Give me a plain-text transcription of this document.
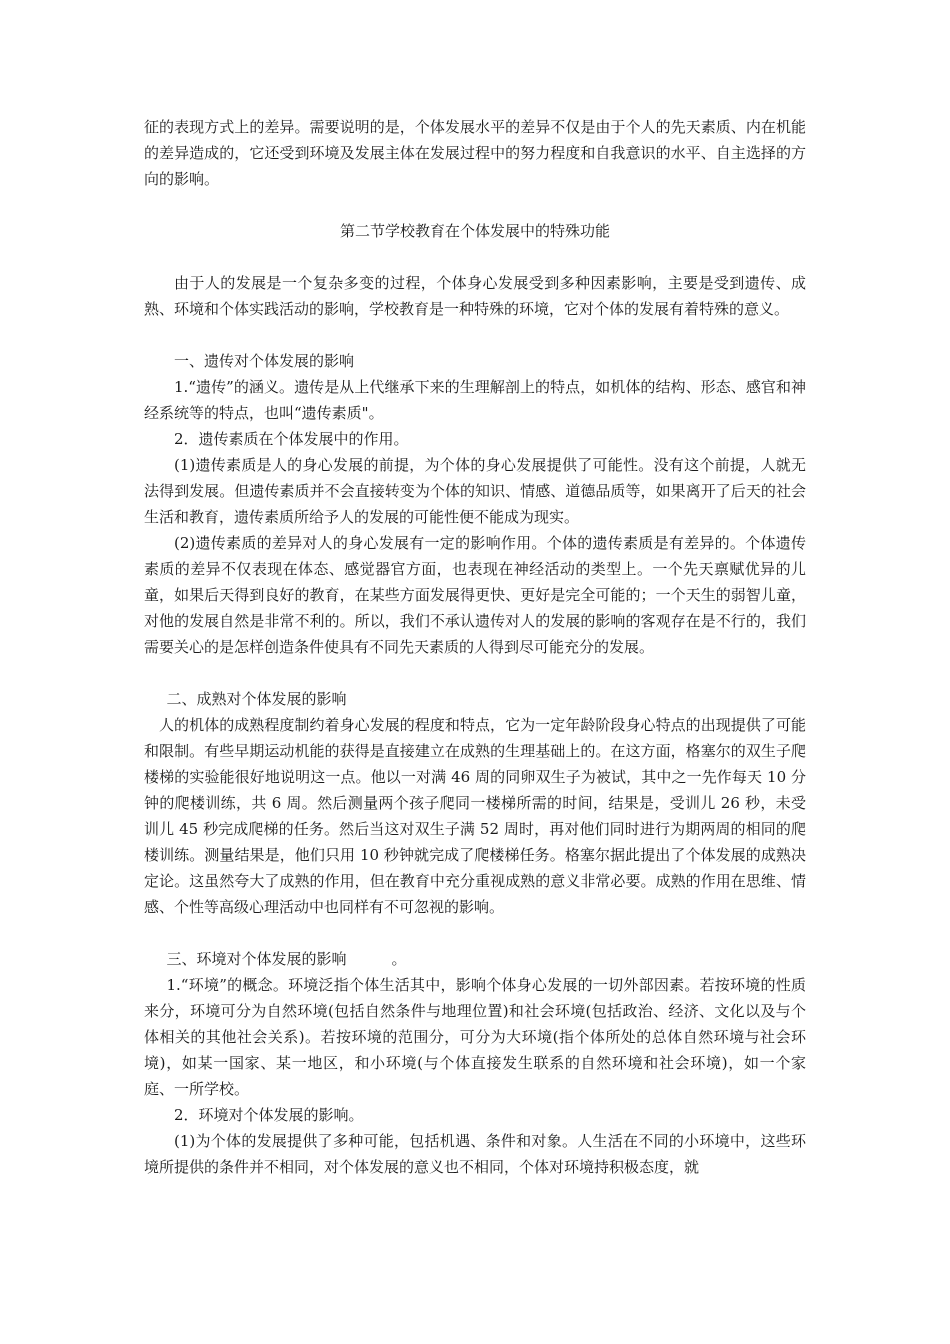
征的表现方式上的差异。需要说明的是，个体发展水平的差异不仅是由于个人的先天素质、内在机能的差异造成的，它还受到环境及发展主体在发展过程中的努力程度和自我意识的水平、自主选择的方向的影响。

第二节学校教育在个体发展中的特殊功能

由于人的发展是一个复杂多变的过程，个体身心发展受到多种因素影响，主要是受到遗传、成熟、环境和个体实践活动的影响，学校教育是一种特殊的环境，它对个体的发展有着特殊的意义。

一、遗传对个体发展的影响

1.“遗传”的涵义。遗传是从上代继承下来的生理解剖上的特点，如机体的结构、形态、感官和神经系统等的特点，也叫“遗传素质"。

2．遗传素质在个体发展中的作用。

(1)遗传素质是人的身心发展的前提，为个体的身心发展提供了可能性。没有这个前提，人就无法得到发展。但遗传素质并不会直接转变为个体的知识、情感、道德品质等，如果离开了后天的社会生活和教育，遗传素质所给予人的发展的可能性便不能成为现实。

(2)遗传素质的差异对人的身心发展有一定的影响作用。个体的遗传素质是有差异的。个体遗传素质的差异不仅表现在体态、感觉器官方面，也表现在神经活动的类型上。一个先天禀赋优异的儿童，如果后天得到良好的教育，在某些方面发展得更快、更好是完全可能的；一个天生的弱智儿童，对他的发展自然是非常不利的。所以，我们不承认遗传对人的发展的影响的客观存在是不行的，我们需要关心的是怎样创造条件使具有不同先天素质的人得到尽可能充分的发展。

二、成熟对个体发展的影响

人的机体的成熟程度制约着身心发展的程度和特点，它为一定年龄阶段身心特点的出现提供了可能和限制。有些早期运动机能的获得是直接建立在成熟的生理基础上的。在这方面，格塞尔的双生子爬楼梯的实验能很好地说明这一点。他以一对满 46 周的同卵双生子为被试，其中之一先作每天 10 分钟的爬楼训练，共 6 周。然后测量两个孩子爬同一楼梯所需的时间，结果是，受训儿 26 秒，未受训儿 45 秒完成爬梯的任务。然后当这对双生子满 52 周时，再对他们同时进行为期两周的相同的爬楼训练。测量结果是，他们只用 10 秒钟就完成了爬楼梯任务。格塞尔据此提出了个体发展的成熟决定论。这虽然夸大了成熟的作用，但在教育中充分重视成熟的意义非常必要。成熟的作用在思维、情感、个性等高级心理活动中也同样有不可忽视的影响。

三、环境对个体发展的影响　　　。

1.“环境”的概念。环境泛指个体生活其中，影响个体身心发展的一切外部因素。若按环境的性质来分，环境可分为自然环境(包括自然条件与地理位置)和社会环境(包括政治、经济、文化以及与个体相关的其他社会关系)。若按环境的范围分，可分为大环境(指个体所处的总体自然环境与社会环境)，如某一国家、某一地区，和小环境(与个体直接发生联系的自然环境和社会环境)，如一个家庭、一所学校。

2．环境对个体发展的影响。

(1)为个体的发展提供了多种可能，包括机遇、条件和对象。人生活在不同的小环境中，这些环境所提供的条件并不相同，对个体发展的意义也不相同，个体对环境持积极态度，就
